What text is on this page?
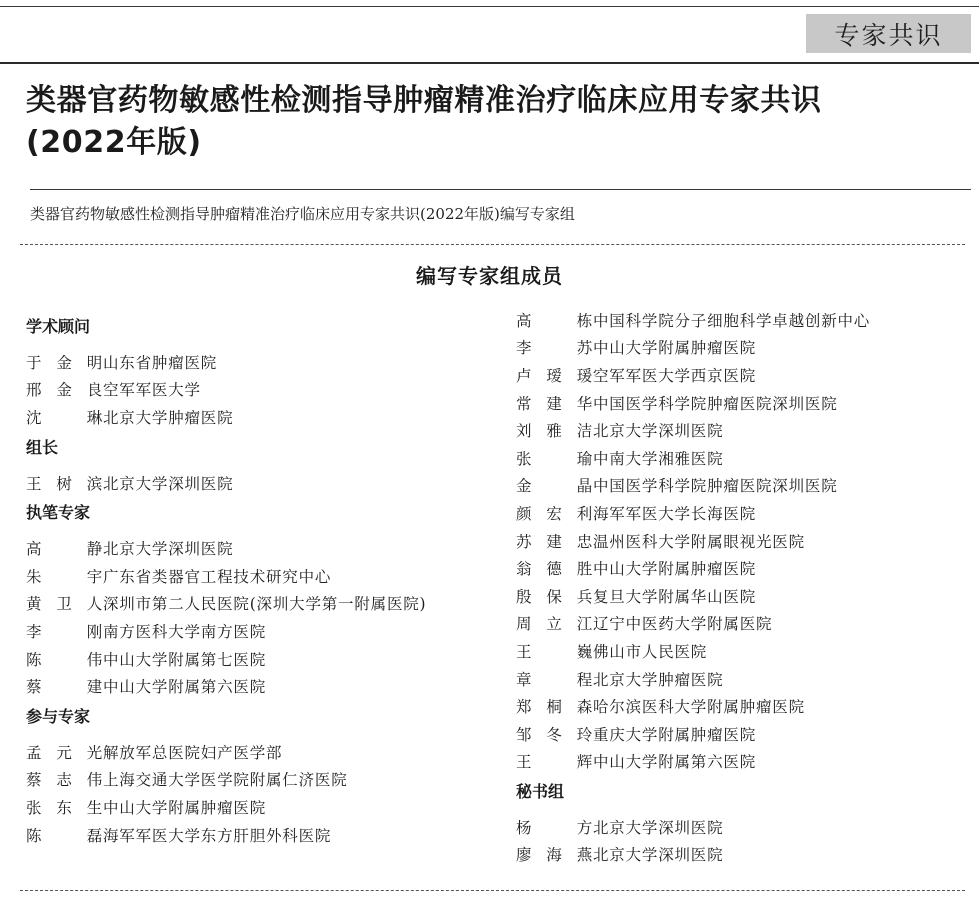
专家共识
类器官药物敏感性检测指导肿瘤精准治疗临床应用专家共识
(2022年版)

类器官药物敏感性检测指导肿瘤精准治疗临床应用专家共识(2022年版)编写专家组

编写专家组成员
学术顾问
于 金 明 山东省肿瘤医院
邢 金 良 空军军医大学
沈	琳 北京大学肿瘤医院
组长
王 树 滨 北京大学深圳医院
执笔专家
高	静 北京大学深圳医院
朱	宇 广东省类器官工程技术研究中心
黄 卫 人 深圳市第二人民医院(深圳大学第一附属医院)
李	刚 南方医科大学南方医院
陈	伟 中山大学附属第七医院
蔡	建 中山大学附属第六医院
参与专家
孟 元 光 解放军总医院妇产医学部
蔡 志 伟 上海交通大学医学院附属仁济医院
张 东 生 中山大学附属肿瘤医院
陈	磊 海军军医大学东方肝胆外科医院
高	栋 中国科学院分子细胞科学卓越创新中心
李	苏 中山大学附属肿瘤医院
卢 瑷 瑗 空军军医大学西京医院
常 建 华 中国医学科学院肿瘤医院深圳医院
刘 雅 洁 北京大学深圳医院
张	瑜 中南大学湘雅医院
金	晶 中国医学科学院肿瘤医院深圳医院
颜 宏 利 海军军医大学长海医院
苏 建 忠 温州医科大学附属眼视光医院
翁 德 胜 中山大学附属肿瘤医院
殷 保 兵 复旦大学附属华山医院
周 立 江 辽宁中医药大学附属医院
王	巍 佛山市人民医院
章	程 北京大学肿瘤医院
郑 桐 森 哈尔滨医科大学附属肿瘤医院
邹 冬 玲 重庆大学附属肿瘤医院
王	辉 中山大学附属第六医院
秘书组
杨	方 北京大学深圳医院
廖 海 燕 北京大学深圳医院
